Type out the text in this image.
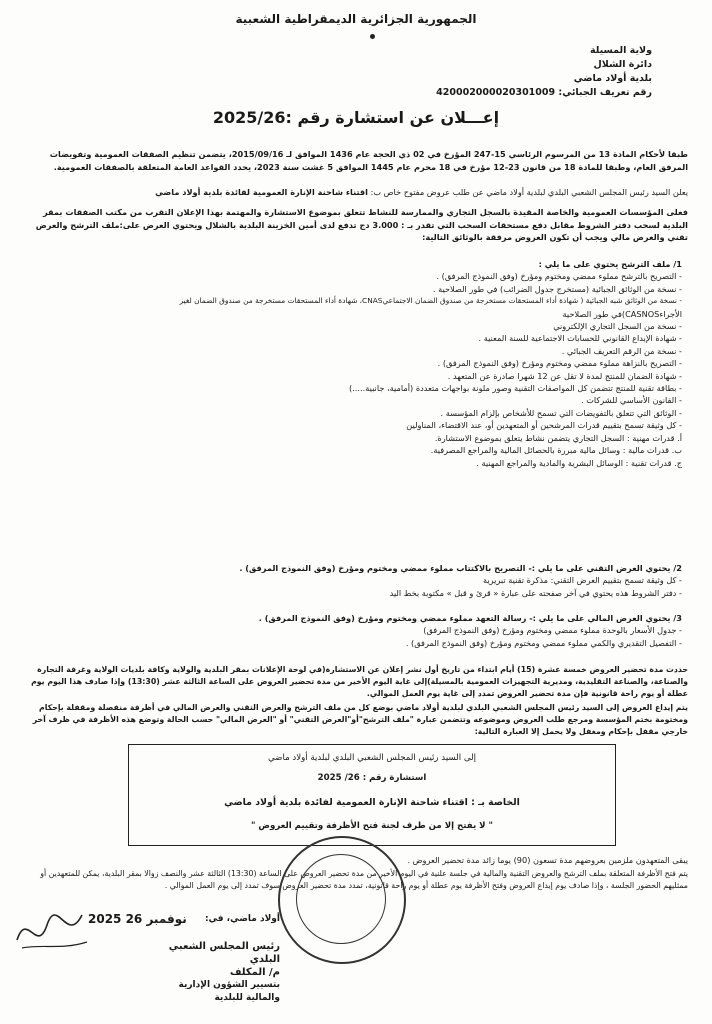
الجمهورية الجزائرية الديمقراطية الشعبية
ولاية المسيلة
دائرة الشلال
بلدية أولاد ماضي
رقم تعريف الجبائي: 420002000020301009
إعـــلان عن استشارة رقم :2025/26
طبقا لأحكام المادة 13 من المرسوم الرئاسي 15-247 المؤرخ في 02 ذي الحجة عام 1436 الموافق لـ 2015/09/16، يتضمن تنظيم الصفقات العمومية وتفويضات المرفق العام، وطبقا للمادة 18 من قانون 23-12 مؤرخ في 18 محرم عام 1445 الموافق 5 غشت سنة 2023، يحدد القواعد العامة المتعلقة بالصفقات العمومية.
يعلن السيد رئيس المجلس الشعبي البلدي لبلدية أولاد ماضي عن طلب عروض مفتوح خاص ب: اقتناء شاحنة الإنارة العمومية لفائدة بلدية أولاد ماضي
فعلى المؤسسات العمومية والخاصة المقيدة بالسجل التجاري والممارسة للنشاط تتعلق بموضوع الاستشارة والمهتمة بهذا الإعلان التقرب من مكتب الصفقات بمقر البلدية لسحب دفتر الشروط مقابل دفع مستحقات السحب التي تقدر بـ : 3.000 دج تدفع لدى أمين الخزينة البلدية بالشلال ويحتوي العرض على:ملف الترشح والعرض تقني والعرض مالي ويجب أن تكون العروض مرفقة بالوثائق التالية:
1/ ملف الترشح يحتوي على ما يلي :
- التصريح بالترشح مملوء ممضي ومختوم ومؤرخ (وفق النموذج المرفق) .
- نسخة من الوثائق الجبائية (مستخرج جدول الضرائب) في طور الصلاحية .
- نسخة من الوثائق شبه الجبائية ( شهادة أداء المستحقات مستخرجة من صندوق الضمان الاجتماعيCNAS، شهادة أداء المستحقات مستخرجة من صندوق الضمان لغير
الأجراءCASNOS)في طور الصلاحية
- نسخة من السجل التجاري الإلكتروني
- شهادة الإيداع القانوني للحسابات الاجتماعية للسنة المعنية .
- نسخة من الرقم التعريف الجبائي .
- التصريح بالنزاهة مملوء ممضي ومختوم ومؤرخ (وفق النموذج المرفق) .
- شهادة الضمان للمنتج لمدة لا تقل عن 12 شهرا صادرة عن المتعهد .
- بطاقة تقنية للمنتج تتضمن كل المواصفات التقنية وصور ملونة بواجهات متعددة (أمامية، جانبية.....)
- القانون الأساسي للشركات .
- الوثائق التي تتعلق بالتفويضات التي تسمح للأشخاص بإلزام المؤسسة .
- كل وثيقة تسمح بتقييم قدرات المرشحين أو المتعهدين أو، عند الاقتضاء، المناولين
أ. قدرات مهنية : السجل التجاري يتضمن نشاط يتعلق بموضوع الاستشارة.
ب. قدرات مالية : وسائل مالية مبررة بالحصائل المالية والمراجع المصرفية.
ج. قدرات تقنية : الوسائل البشرية والمادية والمراجع المهنية .
2/ يحتوي العرض التقني على ما يلي :- التصريح بالاكتتاب مملوء ممضي ومختوم ومؤرخ (وفق النموذج المرفق) .
- كل وثيقة تسمح بتقييم العرض التقني: مذكرة تقنية تبريرية
- دفتر الشروط هذه يحتوي في آخر صفحته على عبارة « قرئ و قبل » مكتوبة بخط اليد
3/ يحتوي العرض المالي على ما يلي :- رسالة التعهد مملوء ممضي ومختوم ومؤرخ (وفق النموذج المرفق) .
- جدول الأسعار بالوحدة مملوء ممضي ومختوم ومؤرخ (وفق النموذج المرفق)
- التفصيل التقديري والكمي مملوء ممضي ومختوم ومؤرخ (وفق النموذج المرفق) .
حددت مدة تحضير العروض خمسة عشرة (15) أيام ابتداء من تاريخ أول نشر إعلان عن الاستشارة(في لوحة الإعلانات بمقر البلدية والولاية وكافة بلديات الولاية وغرفة التجارة والصناعة، والصناعة التقليدية، ومديرية التجهيزات العمومية بالمسيلة)إلى غاية اليوم الأخير من مدة تحضير العروض على الساعة الثالثة عشر (13:30) وإذا صادف هذا اليوم يوم عطلة أو يوم راحة قانونية فإن مدة تحضير العروض تمدد إلى غاية يوم العمل الموالي.
يتم إيداع العروض إلى السيد رئيس المجلس الشعبي البلدي لبلدية أولاد ماضي بوضع كل من ملف الترشح والعرض التقني والعرض المالي في أظرفة منفصلة ومقفلة بإحكام ومختومة بختم المؤسسة ومرجع طلب العروض وموضوعه وتتضمن عبارة "ملف الترشح"أو"العرض التقني" أو "العرض المالي" حسب الحالة وتوضع هذه الأظرفة في ظرف آخر خارجي مقفل بإحكام ومغفل ولا يحمل إلا العبارة التالية:
إلى السيد رئيس المجلس الشعبي البلدي لبلدية أولاد ماضي
استشارة رقم : 26/ 2025
الخاصة بـ : اقتناء شاحنة الإنارة العمومية لفائدة بلدية أولاد ماضي
" لا يفتح إلا من طرف لجنة فتح الأظرفة وتقييم العروض "
يبقى المتعهدون ملزمين بعروضهم مدة تسعون (90) يوما زائد مدة تحضير العروض .
يتم فتح الأظرفة المتعلقة بملف الترشح والعروض التقنية والمالية في جلسة علنية في اليوم الأخير من مدة تحضير العروض على الساعة (13:30) الثالثة عشر والنصف زوالا بمقر البلدية، يمكن للمتعهدين أو ممثليهم الحضور الجلسة ، وإذا صادف يوم إيداع العروض وفتح الأظرفة يوم عطلة أو يوم راحة قانونية، تمدد مدة تحضير العروض سوف تمدد إلى يوم العمل الموالي .
أولاد ماضي، في:
2025 نوفمبر 26
رئيس المجلس الشعبي البلدي
م/ المكلف
بتسيير الشؤون الإدارية والمالية للبلدية
